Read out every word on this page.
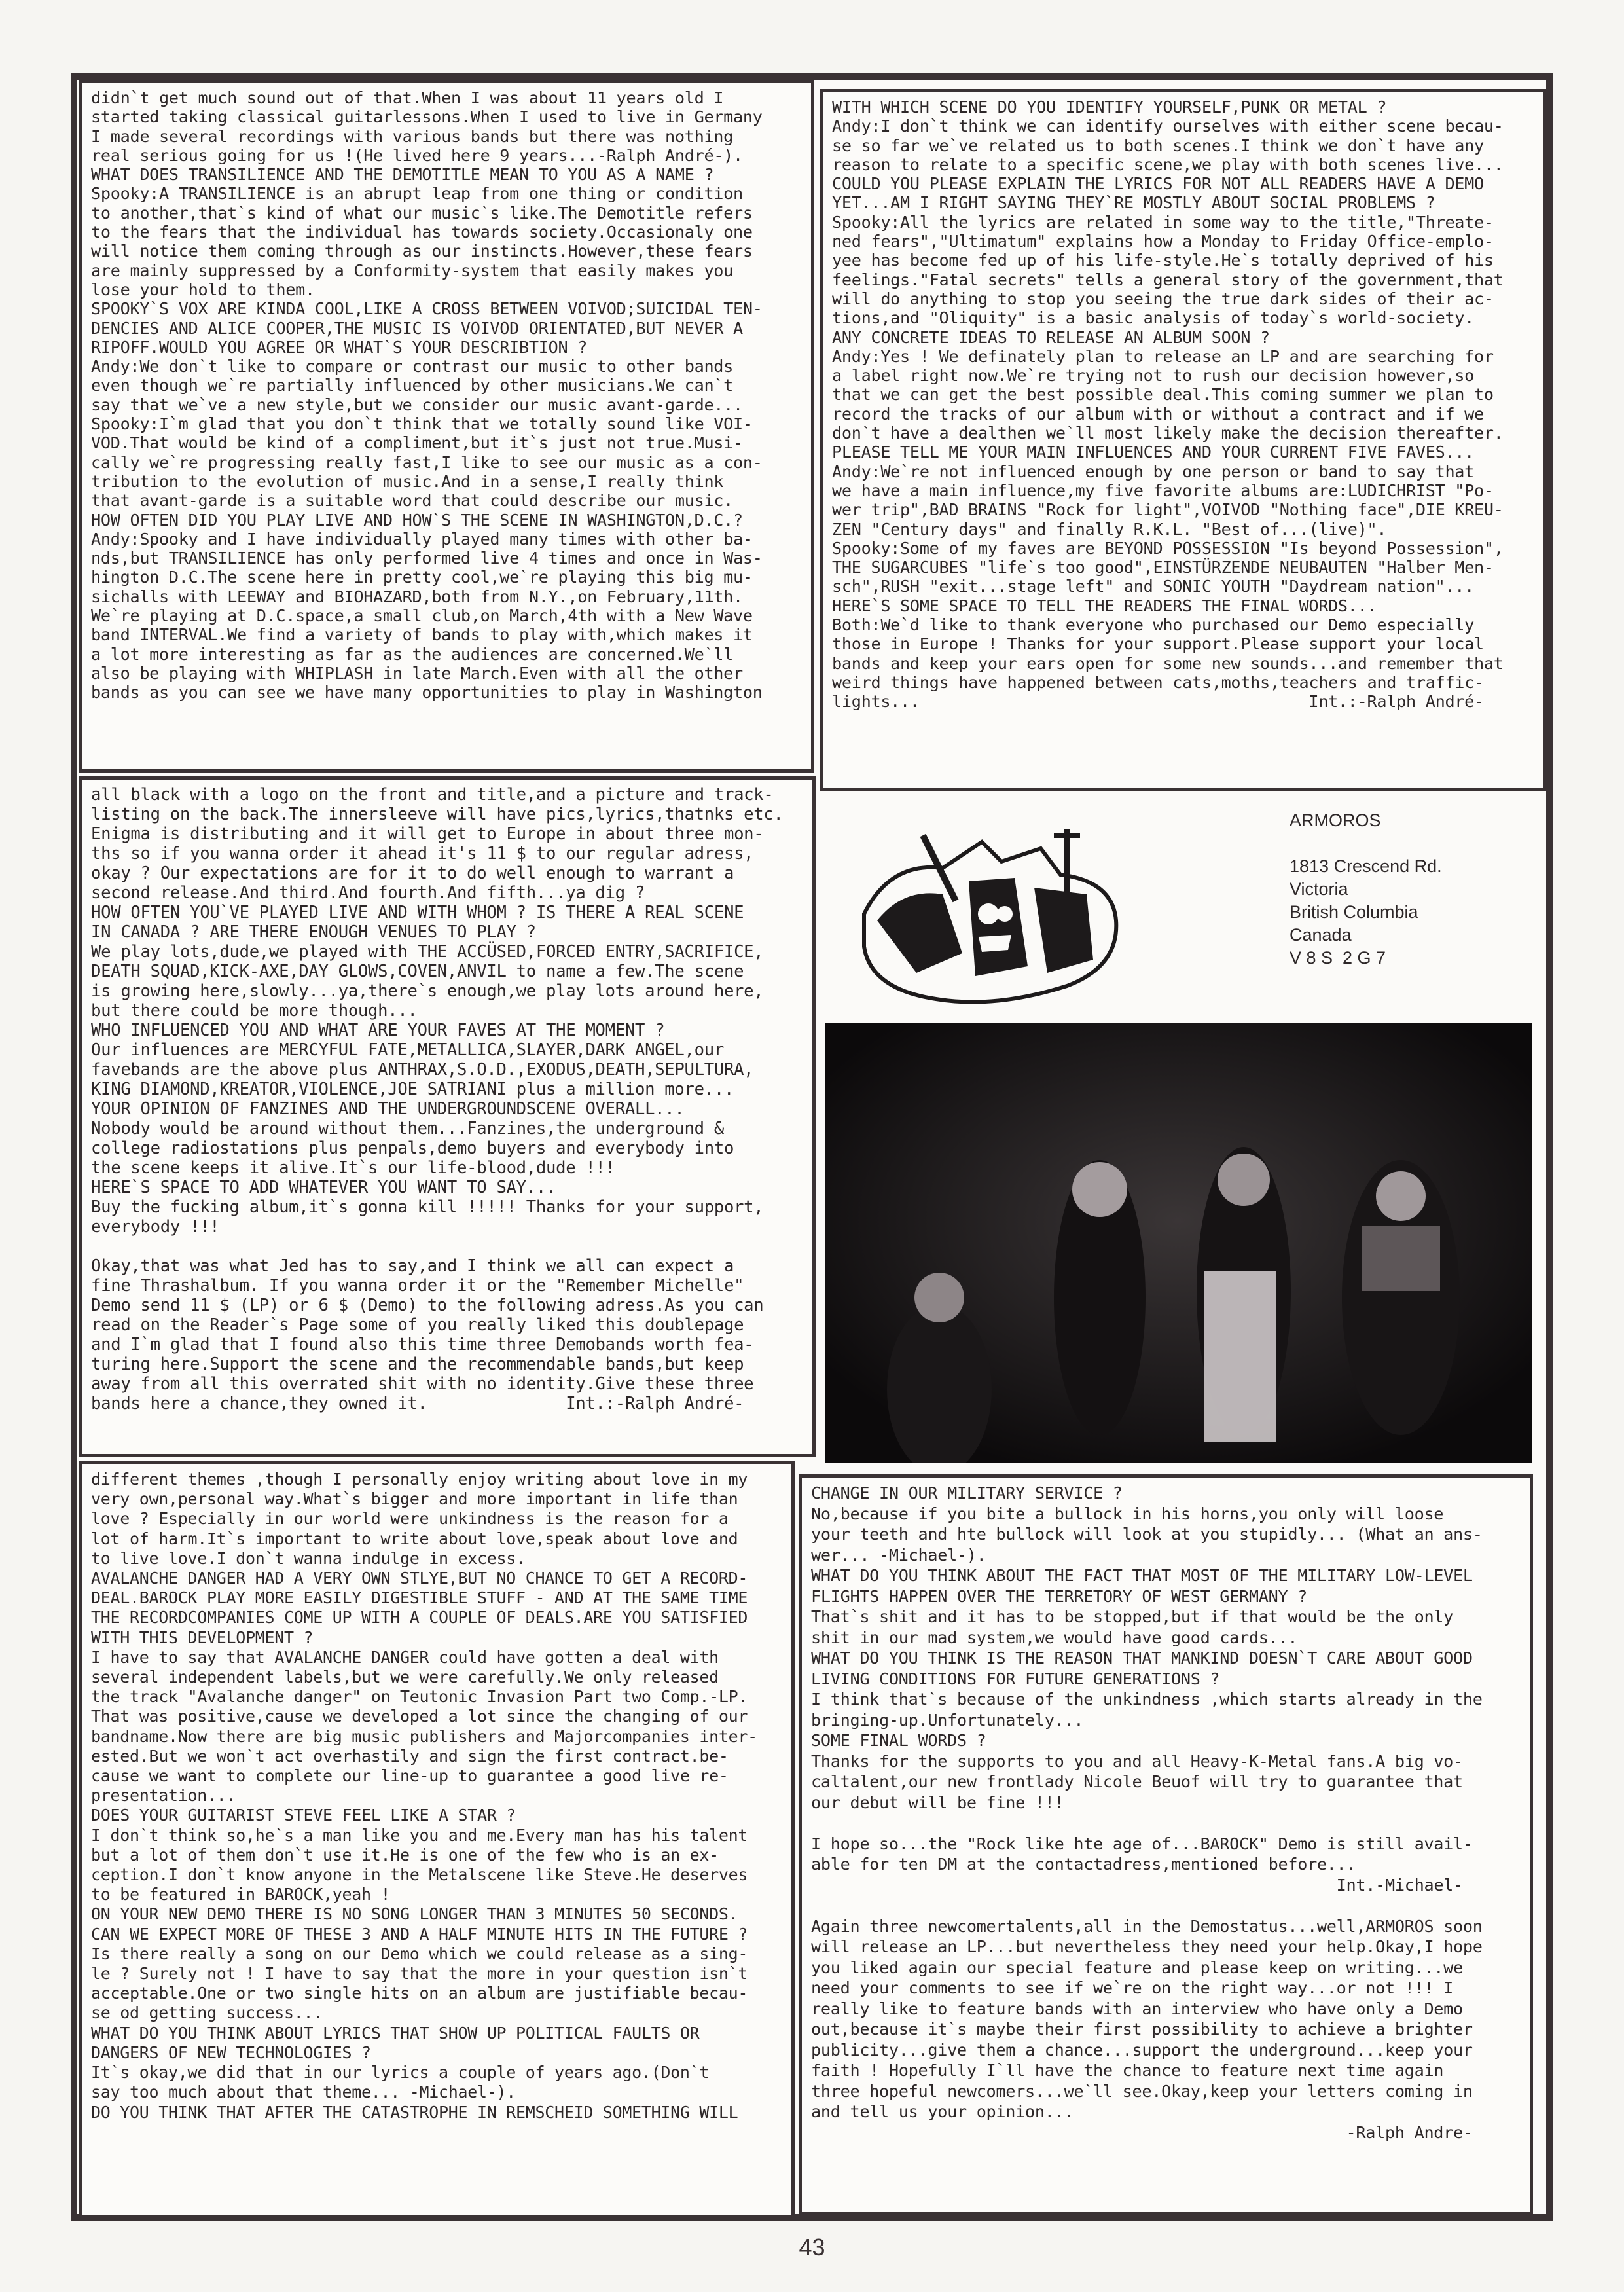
didn`t get much sound out of that.When I was about 11 years old I
started taking classical guitarlessons.When I used to live in Germany
I made several recordings with various bands but there was nothing
real serious going for us !(He lived here 9 years...-Ralph André-).
WHAT DOES TRANSILIENCE AND THE DEMOTITLE MEAN TO YOU AS A NAME ?
Spooky:A TRANSILIENCE is an abrupt leap from one thing or condition
to another,that`s kind of what our music`s like.The Demotitle refers
to the fears that the individual has towards society.Occasionaly one
will notice them coming through as our instincts.However,these fears
are mainly suppressed by a Conformity-system that easily makes you
lose your hold to them.
SPOOKY`S VOX ARE KINDA COOL,LIKE A CROSS BETWEEN VOIVOD;SUICIDAL TEN-
DENCIES AND ALICE COOPER,THE MUSIC IS VOIVOD ORIENTATED,BUT NEVER A
RIPOFF.WOULD YOU AGREE OR WHAT`S YOUR DESCRIBTION ?
Andy:We don`t like to compare or contrast our music to other bands
even though we`re partially influenced by other musicians.We can`t
say that we`ve a new style,but we consider our music avant-garde...
Spooky:I`m glad that you don`t think that we totally sound like VOI-
VOD.That would be kind of a compliment,but it`s just not true.Musi-
cally we`re progressing really fast,I like to see our music as a con-
tribution to the evolution of music.And in a sense,I really think
that avant-garde is a suitable word that could describe our music.
HOW OFTEN DID YOU PLAY LIVE AND HOW`S THE SCENE IN WASHINGTON,D.C.?
Andy:Spooky and I have individually played many times with other ba-
nds,but TRANSILIENCE has only performed live 4 times and once in Was-
hington D.C.The scene here in pretty cool,we`re playing this big mu-
sichalls with LEEWAY and BIOHAZARD,both from N.Y.,on February,11th.
We`re playing at D.C.space,a small club,on March,4th with a New Wave
band INTERVAL.We find a variety of bands to play with,which makes it
a lot more interesting as far as the audiences are concerned.We`ll
also be playing with WHIPLASH in late March.Even with all the other
bands as you can see we have many opportunities to play in Washington

WITH WHICH SCENE DO YOU IDENTIFY YOURSELF,PUNK OR METAL ?
Andy:I don`t think we can identify ourselves with either scene becau-
se so far we`ve related us to both scenes.I think we don`t have any
reason to relate to a specific scene,we play with both scenes live...
COULD YOU PLEASE EXPLAIN THE LYRICS FOR NOT ALL READERS HAVE A DEMO
YET...AM I RIGHT SAYING THEY`RE MOSTLY ABOUT SOCIAL PROBLEMS ?
Spooky:All the lyrics are related in some way to the title,"Threate-
ned fears","Ultimatum" explains how a Monday to Friday Office-emplo-
yee has become fed up of his life-style.He`s totally deprived of his
feelings."Fatal secrets" tells a general story of the government,that
will do anything to stop you seeing the true dark sides of their ac-
tions,and "Oliquity" is a basic analysis of today`s world-society.
ANY CONCRETE IDEAS TO RELEASE AN ALBUM SOON ?
Andy:Yes ! We definately plan to release an LP and are searching for
a label right now.We`re trying not to rush our decision however,so
that we can get the best possible deal.This coming summer we plan to
record the tracks of our album with or without a contract and if we
don`t have a dealthen we`ll most likely make the decision thereafter.
PLEASE TELL ME YOUR MAIN INFLUENCES AND YOUR CURRENT FIVE FAVES...
Andy:We`re not influenced enough by one person or band to say that
we have a main influence,my five favorite albums are:LUDICHRIST "Po-
wer trip",BAD BRAINS "Rock for light",VOIVOD "Nothing face",DIE KREU-
ZEN "Century days" and finally R.K.L. "Best of...(live)".
Spooky:Some of my faves are BEYOND POSSESSION "Is beyond Possession",
THE SUGARCUBES "life`s too good",EINSTÜRZENDE NEUBAUTEN "Halber Men-
sch",RUSH "exit...stage left" and SONIC YOUTH "Daydream nation"...
HERE`S SOME SPACE TO TELL THE READERS THE FINAL WORDS...
Both:We`d like to thank everyone who purchased our Demo especially
those in Europe ! Thanks for your support.Please support your local
bands and keep your ears open for some new sounds...and remember that
weird things have happened between cats,moths,teachers and traffic-
lights...                                        Int.:-Ralph André-

all black with a logo on the front and title,and a picture and track-
listing on the back.The innersleeve will have pics,lyrics,thatnks etc.
Enigma is distributing and it will get to Europe in about three mon-
ths so if you wanna order it ahead it's 11 $ to our regular adress,
okay ? Our expectations are for it to do well enough to warrant a
second release.And third.And fourth.And fifth...ya dig ?
HOW OFTEN YOU`VE PLAYED LIVE AND WITH WHOM ? IS THERE A REAL SCENE
IN CANADA ? ARE THERE ENOUGH VENUES TO PLAY ?
We play lots,dude,we played with THE ACCÜSED,FORCED ENTRY,SACRIFICE,
DEATH SQUAD,KICK-AXE,DAY GLOWS,COVEN,ANVIL to name a few.The scene
is growing here,slowly...ya,there`s enough,we play lots around here,
but there could be more though...
WHO INFLUENCED YOU AND WHAT ARE YOUR FAVES AT THE MOMENT ?
Our influences are MERCYFUL FATE,METALLICA,SLAYER,DARK ANGEL,our
favebands are the above plus ANTHRAX,S.O.D.,EXODUS,DEATH,SEPULTURA,
KING DIAMOND,KREATOR,VIOLENCE,JOE SATRIANI plus a million more...
YOUR OPINION OF FANZINES AND THE UNDERGROUNDSCENE OVERALL...
Nobody would be around without them...Fanzines,the underground &
college radiostations plus penpals,demo buyers and everybody into
the scene keeps it alive.It`s our life-blood,dude !!!
HERE`S SPACE TO ADD WHATEVER YOU WANT TO SAY...
Buy the fucking album,it`s gonna kill !!!!! Thanks for your support,
everybody !!!

Okay,that was what Jed has to say,and I think we all can expect a
fine Thrashalbum. If you wanna order it or the "Remember Michelle"
Demo send 11 $ (LP) or 6 $ (Demo) to the following adress.As you can
read on the Reader`s Page some of you really liked this doublepage
and I`m glad that I found also this time three Demobands worth fea-
turing here.Support the scene and the recommendable bands,but keep
away from all this overrated shit with no identity.Give these three
bands here a chance,they owned it.              Int.:-Ralph André-

ARMOROS

1813 Crescend Rd.
Victoria
British Columbia
Canada
V 8 S  2 G 7

different themes ,though I personally enjoy writing about love in my
very own,personal way.What`s bigger and more important in life than
love ? Especially in our world were unkindness is the reason for a
lot of harm.It`s important to write about love,speak about love and
to live love.I don`t wanna indulge in excess.
AVALANCHE DANGER HAD A VERY OWN STLYE,BUT NO CHANCE TO GET A RECORD-
DEAL.BAROCK PLAY MORE EASILY DIGESTIBLE STUFF - AND AT THE SAME TIME
THE RECORDCOMPANIES COME UP WITH A COUPLE OF DEALS.ARE YOU SATISFIED
WITH THIS DEVELOPMENT ?
I have to say that AVALANCHE DANGER could have gotten a deal with
several independent labels,but we were carefully.We only released
the track "Avalanche danger" on Teutonic Invasion Part two Comp.-LP.
That was positive,cause we developed a lot since the changing of our
bandname.Now there are big music publishers and Majorcompanies inter-
ested.But we won`t act overhastily and sign the first contract.be-
cause we want to complete our line-up to guarantee a good live re-
presentation...
DOES YOUR GUITARIST STEVE FEEL LIKE A STAR ?
I don`t think so,he`s a man like you and me.Every man has his talent
but a lot of them don`t use it.He is one of the few who is an ex-
ception.I don`t know anyone in the Metalscene like Steve.He deserves
to be featured in BAROCK,yeah !
ON YOUR NEW DEMO THERE IS NO SONG LONGER THAN 3 MINUTES 50 SECONDS.
CAN WE EXPECT MORE OF THESE 3 AND A HALF MINUTE HITS IN THE FUTURE ?
Is there really a song on our Demo which we could release as a sing-
le ? Surely not ! I have to say that the more in your question isn`t
acceptable.One or two single hits on an album are justifiable becau-
se od getting success...
WHAT DO YOU THINK ABOUT LYRICS THAT SHOW UP POLITICAL FAULTS OR
DANGERS OF NEW TECHNOLOGIES ?
It`s okay,we did that in our lyrics a couple of years ago.(Don`t
say too much about that theme... -Michael-).
DO YOU THINK THAT AFTER THE CATASTROPHE IN REMSCHEID SOMETHING WILL

CHANGE IN OUR MILITARY SERVICE ?
No,because if you bite a bullock in his horns,you only will loose
your teeth and hte bullock will look at you stupidly... (What an ans-
wer... -Michael-).
WHAT DO YOU THINK ABOUT THE FACT THAT MOST OF THE MILITARY LOW-LEVEL
FLIGHTS HAPPEN OVER THE TERRETORY OF WEST GERMANY ?
That`s shit and it has to be stopped,but if that would be the only
shit in our mad system,we would have good cards...
WHAT DO YOU THINK IS THE REASON THAT MANKIND DOESN`T CARE ABOUT GOOD
LIVING CONDITIONS FOR FUTURE GENERATIONS ?
I think that`s because of the unkindness ,which starts already in the
bringing-up.Unfortunately...
SOME FINAL WORDS ?
Thanks for the supports to you and all Heavy-K-Metal fans.A big vo-
caltalent,our new frontlady Nicole Beuof will try to guarantee that
our debut will be fine !!!

I hope so...the "Rock like hte age of...BAROCK" Demo is still avail-
able for ten DM at the contactadress,mentioned before...
Int.-Michael-

Again three newcomertalents,all in the Demostatus...well,ARMOROS soon
will release an LP...but nevertheless they need your help.Okay,I hope
you liked again our special feature and please keep on writing...we
need your comments to see if we`re on the right way...or not !!! I
really like to feature bands with an interview who have only a Demo
out,because it`s maybe their first possibility to achieve a brighter
publicity...give them a chance...support the underground...keep your
faith ! Hopefully I`ll have the chance to feature next time again
three hopeful newcomers...we`ll see.Okay,keep your letters coming in
and tell us your opinion...
-Ralph Andre-

43
